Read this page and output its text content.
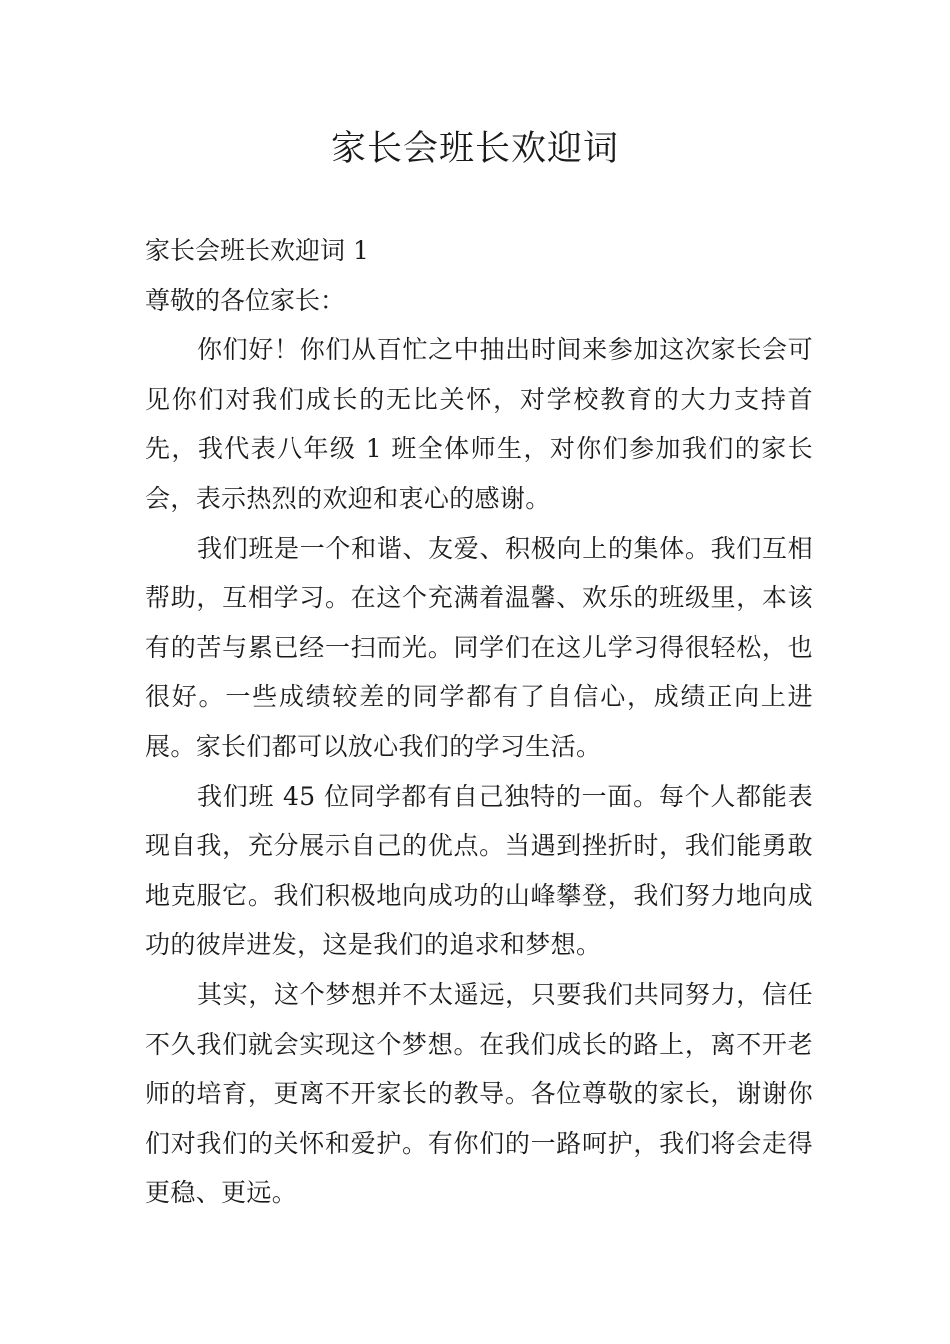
家长会班长欢迎词

家长会班长欢迎词 1

尊敬的各位家长：

你们好！你们从百忙之中抽出时间来参加这次家长会可见你们对我们成长的无比关怀，对学校教育的大力支持首先，我代表八年级 1 班全体师生，对你们参加我们的家长会，表示热烈的欢迎和衷心的感谢。

我们班是一个和谐、友爱、积极向上的集体。我们互相帮助，互相学习。在这个充满着温馨、欢乐的班级里，本该有的苦与累已经一扫而光。同学们在这儿学习得很轻松，也很好。一些成绩较差的同学都有了自信心，成绩正向上进展。家长们都可以放心我们的学习生活。

我们班 45 位同学都有自己独特的一面。每个人都能表现自我，充分展示自己的优点。当遇到挫折时，我们能勇敢地克服它。我们积极地向成功的山峰攀登，我们努力地向成功的彼岸进发，这是我们的追求和梦想。

其实，这个梦想并不太遥远，只要我们共同努力，信任不久我们就会实现这个梦想。在我们成长的路上，离不开老师的培育，更离不开家长的教导。各位尊敬的家长，谢谢你们对我们的关怀和爱护。有你们的一路呵护，我们将会走得更稳、更远。
